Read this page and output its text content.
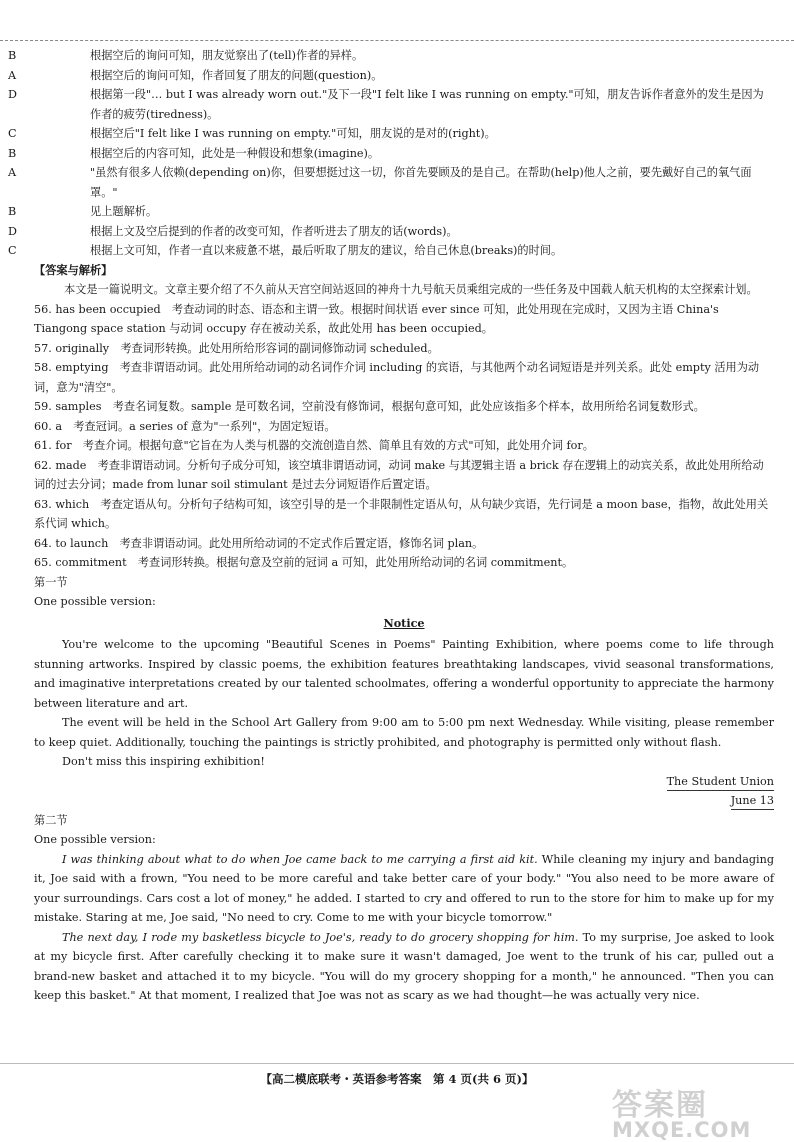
B	根据空后的询问可知，朋友觉察出了(tell)作者的异样。
A	根据空后的询问可知，作者回复了朋友的问题(question)。
D	根据第一段"… but I was already worn out."及下一段"I felt like I was running on empty."可知，朋友告诉作者意外的发生是因为作者的疲劳(tiredness)。
C	根据空后"I felt like I was running on empty."可知，朋友说的是对的(right)。
B	根据空后的内容可知，此处是一种假设和想象(imagine)。
A	"虽然有很多人依赖(depending on)你，但要想挺过这一切，你首先要顾及的是自己。在帮助(help)他人之前，要先戴好自己的氧气面罩。"
B	见上题解析。
D	根据上文及空后提到的作者的改变可知，作者听进去了朋友的话(words)。
C	根据上文可知，作者一直以来疲惫不堪，最后听取了朋友的建议，给自己休息(breaks)的时间。
【答案与解析】
本文是一篇说明文。文章主要介绍了不久前从天宫空间站返回的神舟十九号航天员乘组完成的一些任务及中国载人航天机构的太空探索计划。
56. has been occupied　 考查动词的时态、语态和主谓一致。根据时间状语 ever since 可知，此处用现在完成时，又因为主语 China's Tiangong space station 与动词 occupy 存在被动关系，故此处用 has been occupied。
57. originally　 考查词形转换。此处用所给形容词的副词修饰动词 scheduled。
58. emptying　 考查非谓语动词。此处用所给动词的动名词作介词 including 的宾语，与其他两个动名词短语是并列关系。此处 empty 活用为动词，意为"清空"。
59. samples　 考查名词复数。sample 是可数名词，空前没有修饰词，根据句意可知，此处应该指多个样本，故用所给名词复数形式。
60. a　 考查冠词。a series of 意为"一系列"，为固定短语。
61. for　 考查介词。根据句意"它旨在为人类与机器的交流创造自然、简单且有效的方式"可知，此处用介词 for。
62. made　 考查非谓语动词。分析句子成分可知，该空填非谓语动词，动词 make 与其逻辑主语 a brick 存在逻辑上的动宾关系，故此处用所给动词的过去分词；made from lunar soil stimulant 是过去分词短语作后置定语。
63. which　 考查定语从句。分析句子结构可知，该空引导的是一个非限制性定语从句，从句缺少宾语，先行词是 a moon base，指物，故此处用关系代词 which。
64. to launch　 考查非谓语动词。此处用所给动词的不定式作后置定语，修饰名词 plan。
65. commitment　 考查词形转换。根据句意及空前的冠词 a 可知，此处用所给动词的名词 commitment。
第一节
One possible version:
Notice
You're welcome to the upcoming "Beautiful Scenes in Poems" Painting Exhibition, where poems come to life through stunning artworks. Inspired by classic poems, the exhibition features breathtaking landscapes, vivid seasonal transformations, and imaginative interpretations created by our talented schoolmates, offering a wonderful opportunity to appreciate the harmony between literature and art.
The event will be held in the School Art Gallery from 9:00 am to 5:00 pm next Wednesday. While visiting, please remember to keep quiet. Additionally, touching the paintings is strictly prohibited, and photography is permitted only without flash.
Don't miss this inspiring exhibition!
The Student Union
June 13
第二节
One possible version:
I was thinking about what to do when Joe came back to me carrying a first aid kit. While cleaning my injury and bandaging it, Joe said with a frown, "You need to be more careful and take better care of your body." "You also need to be more aware of your surroundings. Cars cost a lot of money," he added. I started to cry and offered to run to the store for him to make up for my mistake. Staring at me, Joe said, "No need to cry. Come to me with your bicycle tomorrow."
The next day, I rode my basketless bicycle to Joe's, ready to do grocery shopping for him. To my surprise, Joe asked to look at my bicycle first. After carefully checking it to make sure it wasn't damaged, Joe went to the trunk of his car, pulled out a brand-new basket and attached it to my bicycle. "You will do my grocery shopping for a month," he announced. "Then you can keep this basket." At that moment, I realized that Joe was not as scary as we had thought—he was actually very nice.
【高二模底联考・英语参考答案　第 4 页(共 6 页)】
答案圈
MXQE.COM
